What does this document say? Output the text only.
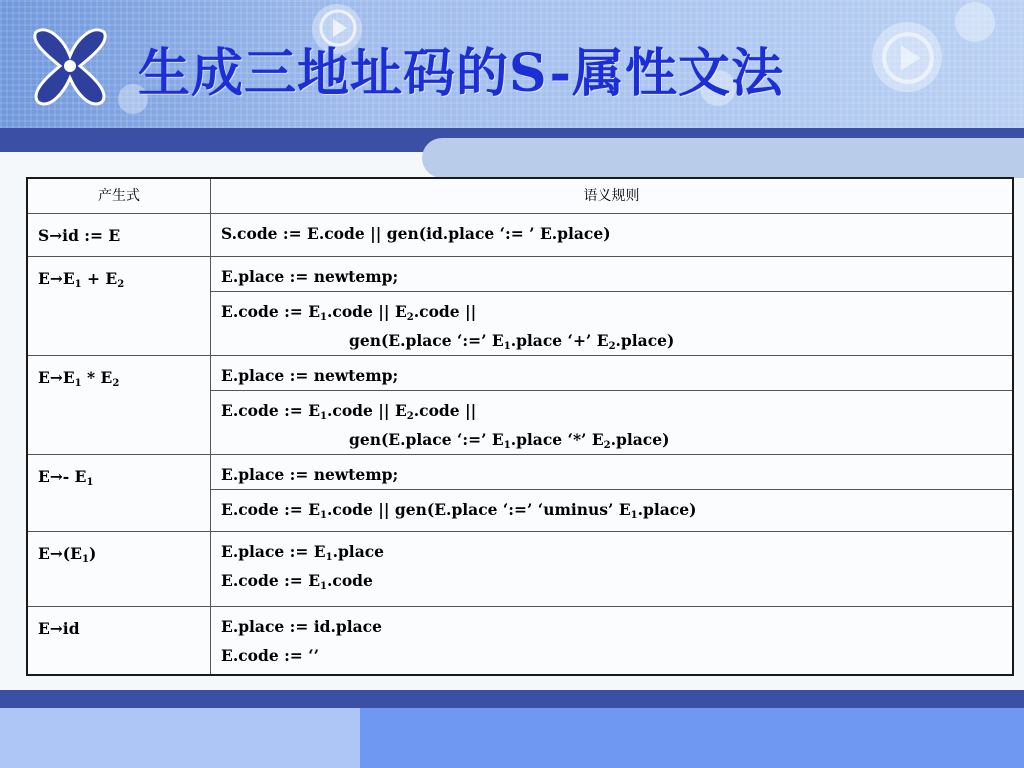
生成三地址码的S-属性文法
产生式	语义规则
S→id := E	S.code := E.code || gen(id.place ‘:= ’ E.place)
$E\to E_1 + E_2$	E.place := newtemp;
	E.code := $E_1.code$ || $E_2.code$ ||
gen(E.place ‘:=’ $E_1.place$ ‘+’ $E_2.place$)

$E\to E_1 * E_2$	E.place := newtemp;
	E.code := $E_1.code$ || $E_2.code$ ||
gen(E.place ‘:=’ $E_1.place$ ‘*’ $E_2.place$)

E→- $E_1$	E.place := newtemp;
	E.code := $E_1.code$ || gen(E.place ‘:=’ ‘uminus’ $E_1.place$)
$E\to(E_1)$	E.place := $E_1.place$
E.code := $E_1.code$
E→id	E.place := id.place
E.code := ‘’
